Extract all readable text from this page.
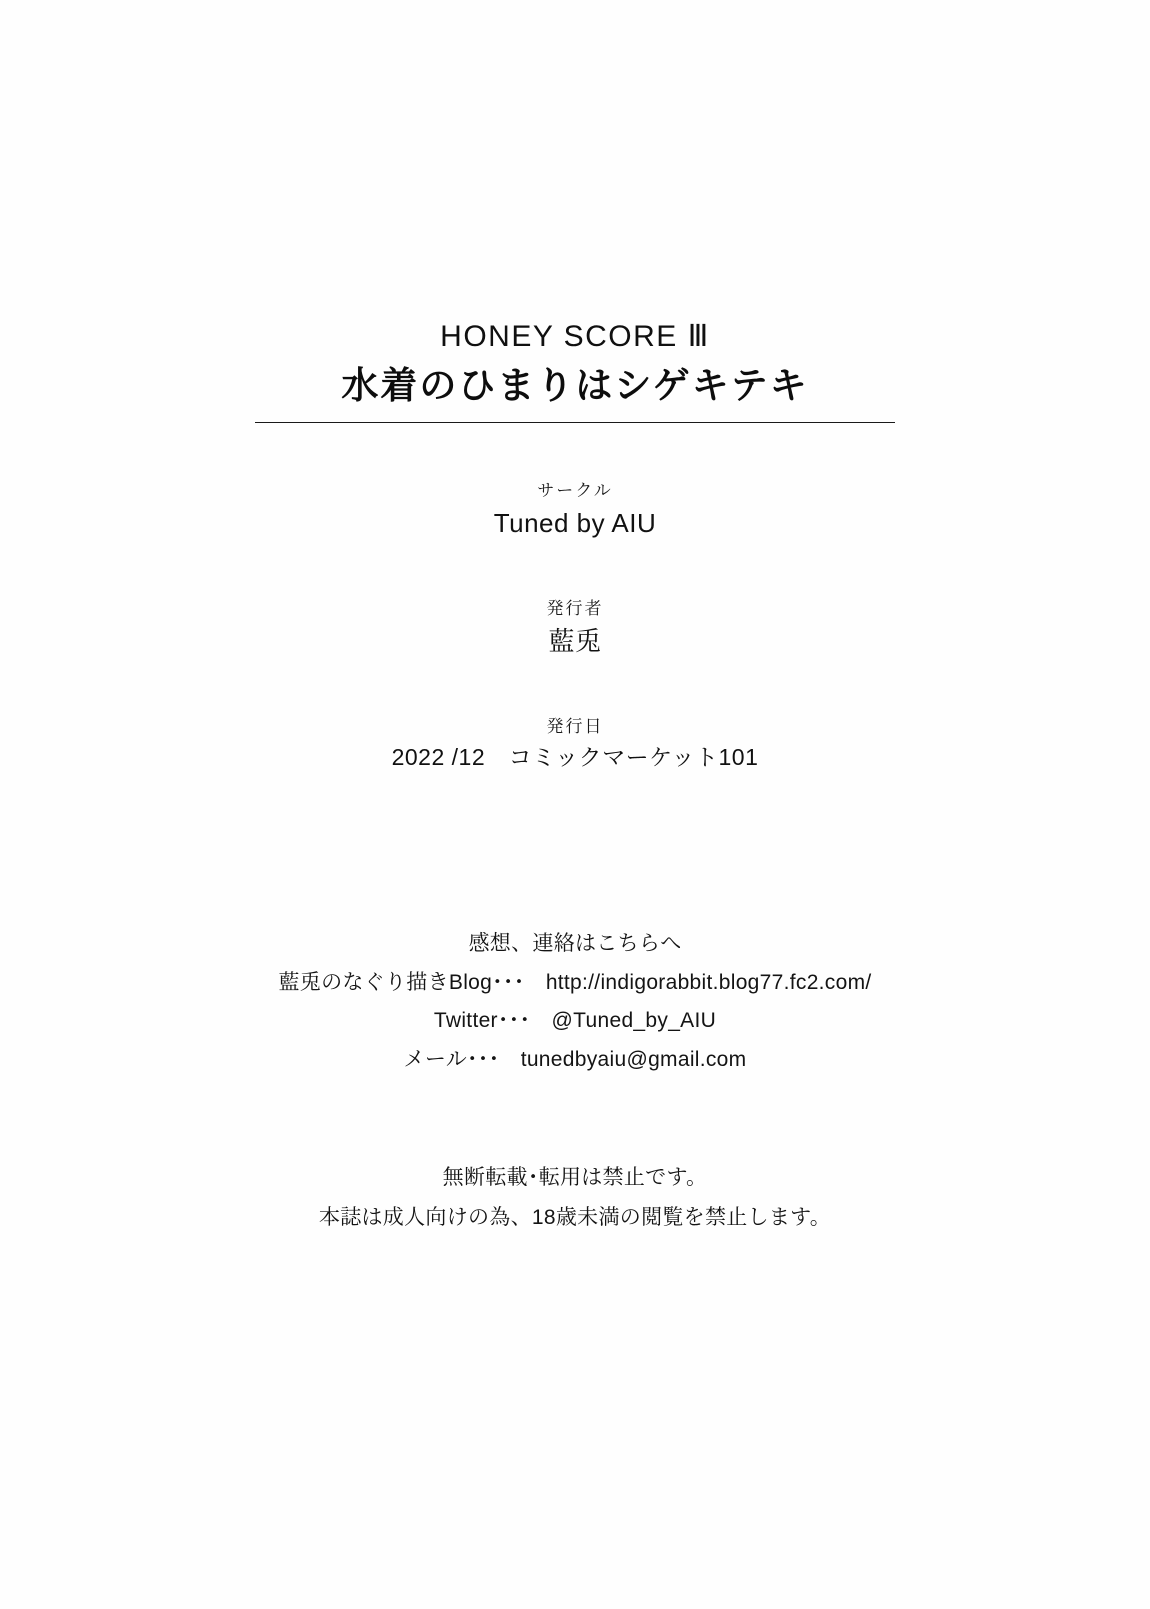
HONEY SCORE Ⅲ
水着のひまりはシゲキテキ
サークル
Tuned by AIU
発行者
藍兎
発行日
2022 /12　コミックマーケット101
感想、連絡はこちらへ
藍兎のなぐり描きBlog･･･　http://indigorabbit.blog77.fc2.com/
Twitter･･･　@Tuned_by_AIU
メール･･･　tunedbyaiu@gmail.com
無断転載･転用は禁止です。
本誌は成人向けの為、18歳未満の閲覧を禁止します。
